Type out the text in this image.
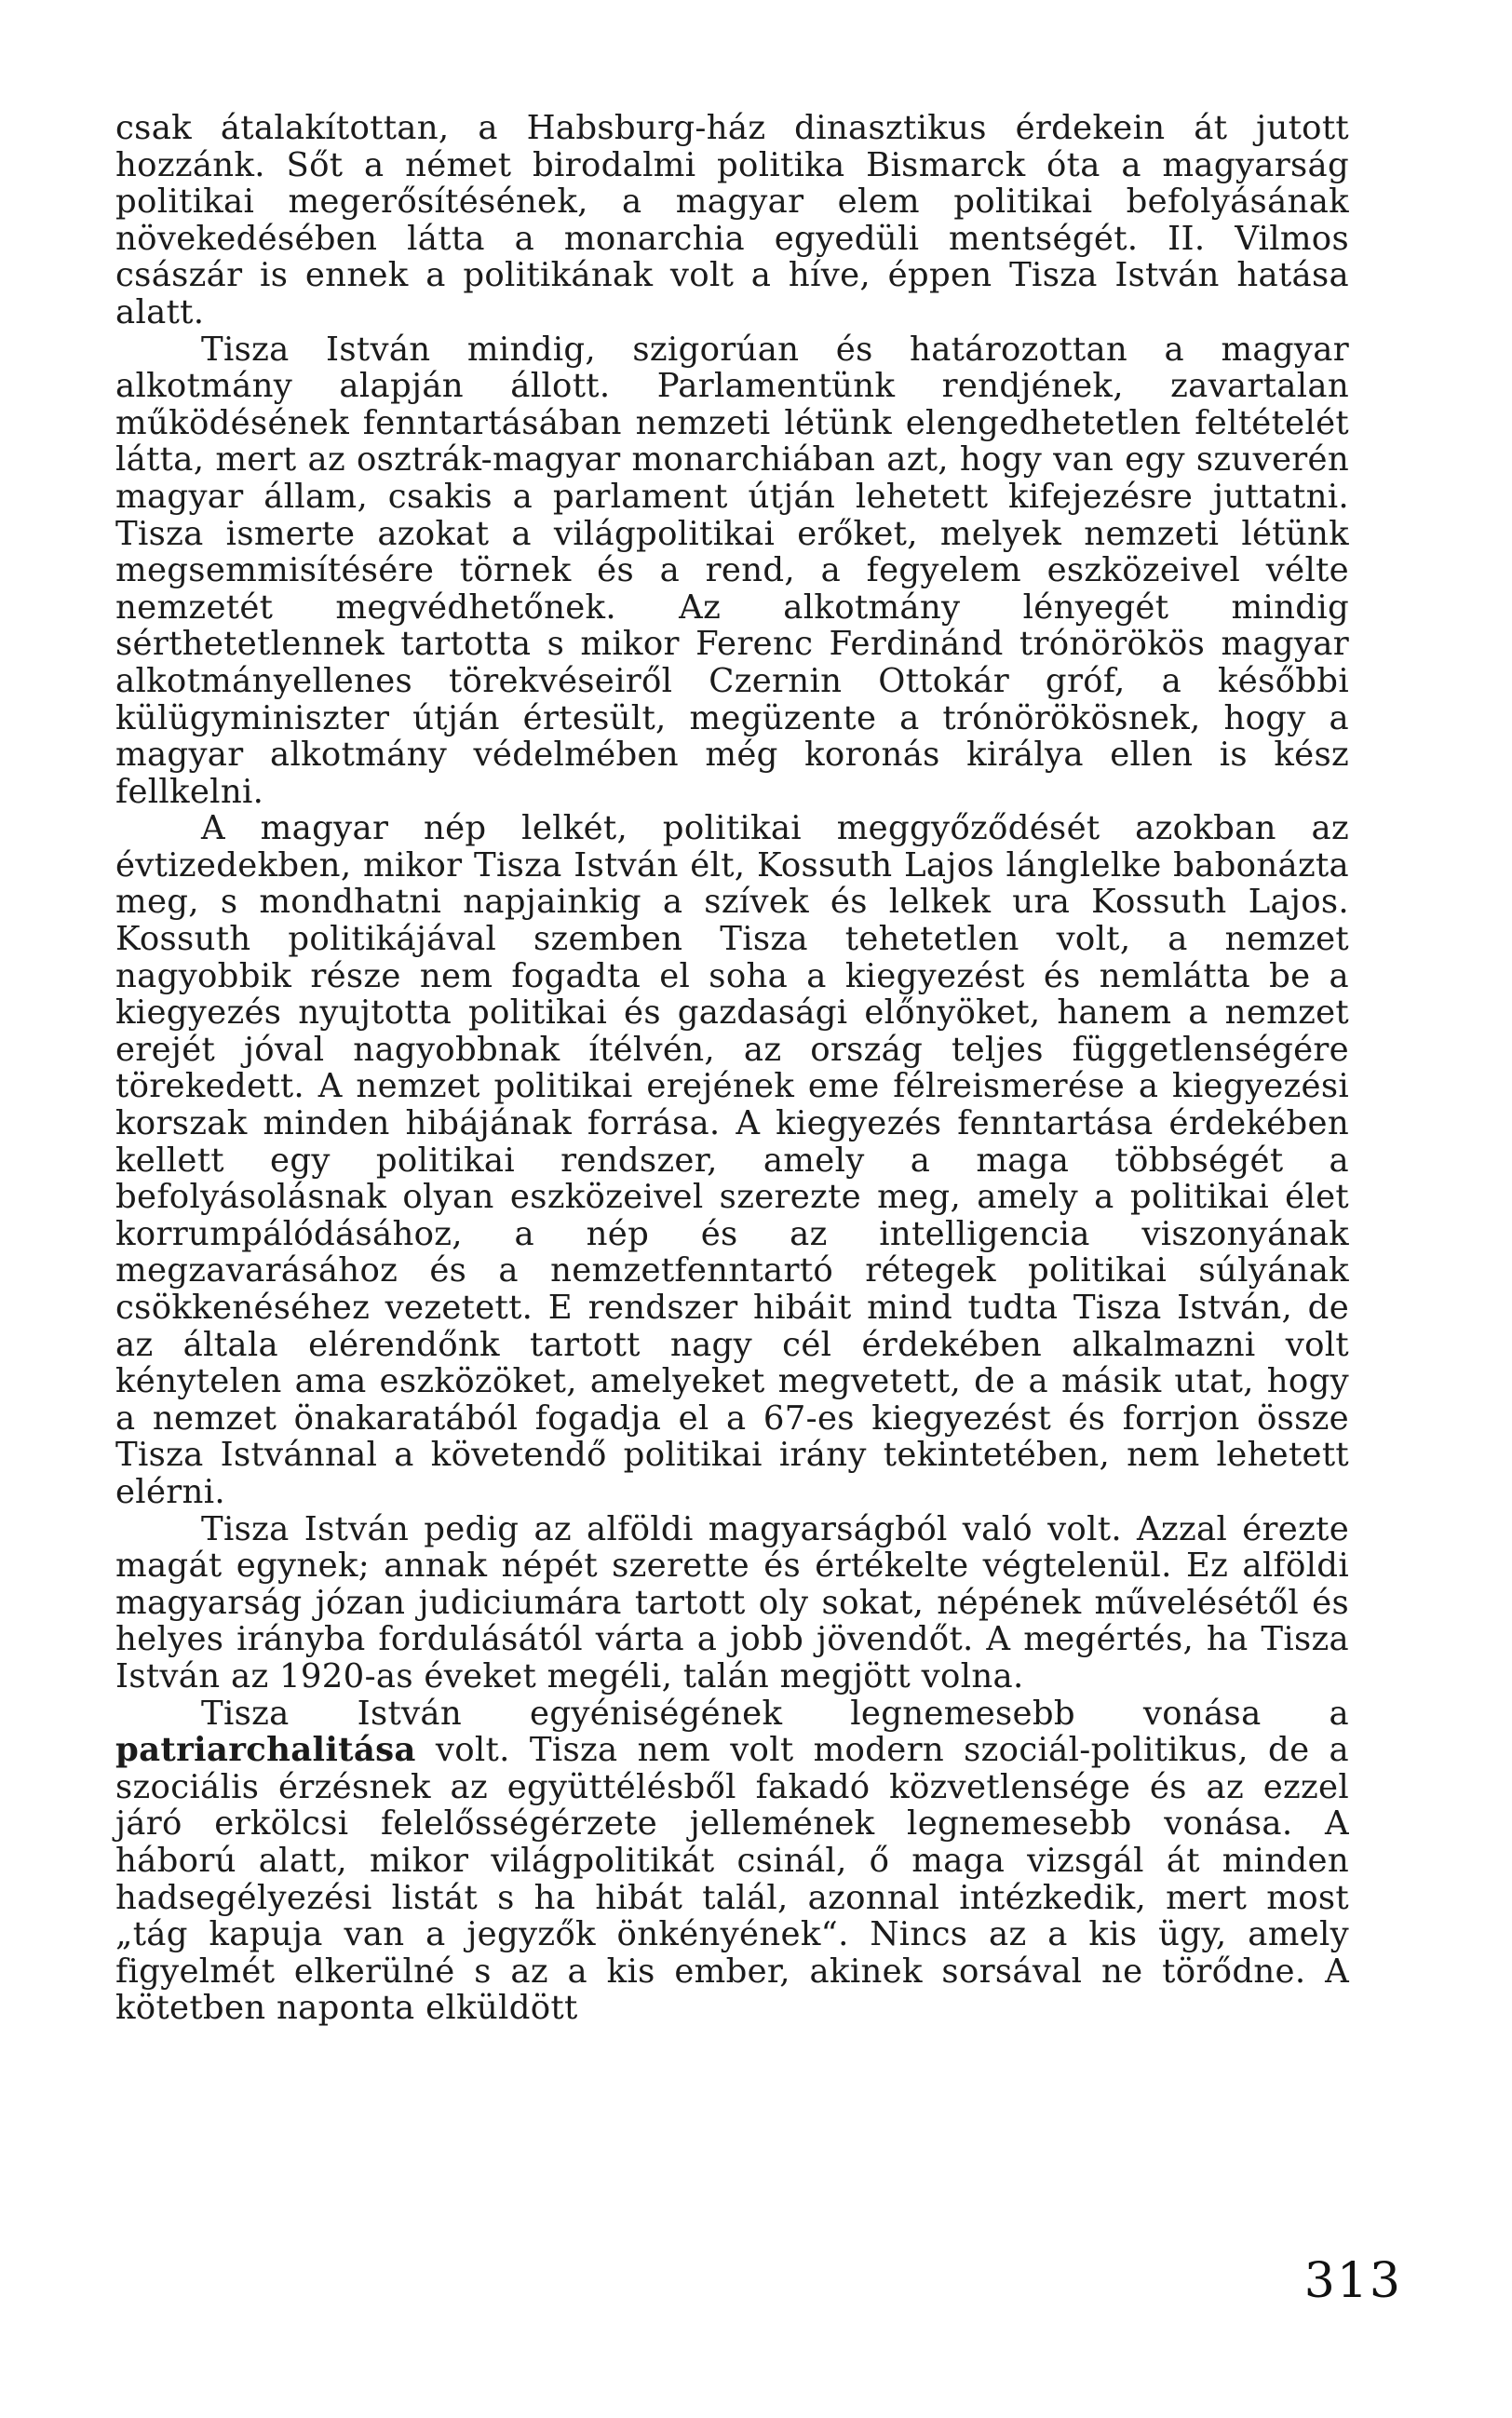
csak átalakítottan, a Habsburg-ház dinasztikus érdekein át jutott hozzánk. Sőt a német birodalmi politika Bismarck óta a magyarság politikai megerősítésének, a magyar elem politikai befolyásának növekedésében látta a monarchia egyedüli mentségét. II. Vilmos császár is ennek a politikának volt a híve, éppen Tisza István hatása alatt.

Tisza István mindig, szigorúan és határozottan a magyar alkotmány alapján állott. Parlamentünk rendjének, zavartalan működésének fenntartásában nemzeti létünk elengedhetetlen feltételét látta, mert az osztrák-magyar monarchiában azt, hogy van egy szuverén magyar állam, csakis a parlament útján lehetett kifejezésre juttatni. Tisza ismerte azokat a világpolitikai erőket, melyek nemzeti létünk megsemmisítésére törnek és a rend, a fegyelem eszközeivel vélte nemzetét megvédhetőnek. Az alkotmány lényegét mindig sérthetetlennek tartotta s mikor Ferenc Ferdinánd trónörökös magyar alkotmányellenes törekvéseiről Czernin Ottokár gróf, a későbbi külügyminiszter útján értesült, megüzente a trónörökösnek, hogy a magyar alkotmány védelmében még koronás királya ellen is kész fellkelni.

A magyar nép lelkét, politikai meggyőződését azokban az évtizedekben, mikor Tisza István élt, Kossuth Lajos lánglelke babonázta meg, s mondhatni napjainkig a szívek és lelkek ura Kossuth Lajos. Kossuth politikájával szemben Tisza tehetetlen volt, a nemzet nagyobbik része nem fogadta el soha a kiegyezést és nemlátta be a kiegyezés nyujtotta politikai és gazdasági előnyöket, hanem a nemzet erejét jóval nagyobbnak ítélvén, az ország teljes függetlenségére törekedett. A nemzet politikai erejének eme félreismerése a kiegyezési korszak minden hibájának forrása. A kiegyezés fenntartása érdekében kellett egy politikai rendszer, amely a maga többségét a befolyásolásnak olyan eszközeivel szerezte meg, amely a politikai élet korrumpálódásához, a nép és az intelligencia viszonyának megzavarásához és a nemzetfenntartó rétegek politikai súlyának csökkenéséhez vezetett. E rendszer hibáit mind tudta Tisza István, de az általa elérendőnk tartott nagy cél érdekében alkalmazni volt kénytelen ama eszközöket, amelyeket megvetett, de a másik utat, hogy a nemzet önakaratából fogadja el a 67-es kiegyezést és forrjon össze Tisza Istvánnal a követendő politikai irány tekintetében, nem lehetett elérni.

Tisza István pedig az alföldi magyarságból való volt. Azzal érezte magát egynek; annak népét szerette és értékelte végtelenül. Ez alföldi magyarság józan judiciumára tartott oly sokat, népének művelésétől és helyes irányba fordulásától várta a jobb jövendőt. A megértés, ha Tisza István az 1920-as éveket megéli, talán megjött volna.

Tisza István egyéniségének legnemesebb vonása a patriarchalitása volt. Tisza nem volt modern szociál-politikus, de a szociális érzésnek az együttélésből fakadó közvetlensége és az ezzel járó erkölcsi felelősségérzete jellemének legnemesebb vonása. A háború alatt, mikor világpolitikát csinál, ő maga vizsgál át minden hadsegélyezési listát s ha hibát talál, azonnal intézkedik, mert most „tág kapuja van a jegyzők önkényének“. Nincs az a kis ügy, amely figyelmét elkerülné s az a kis ember, akinek sorsával ne törődne. A kötetben naponta elküldött

313
